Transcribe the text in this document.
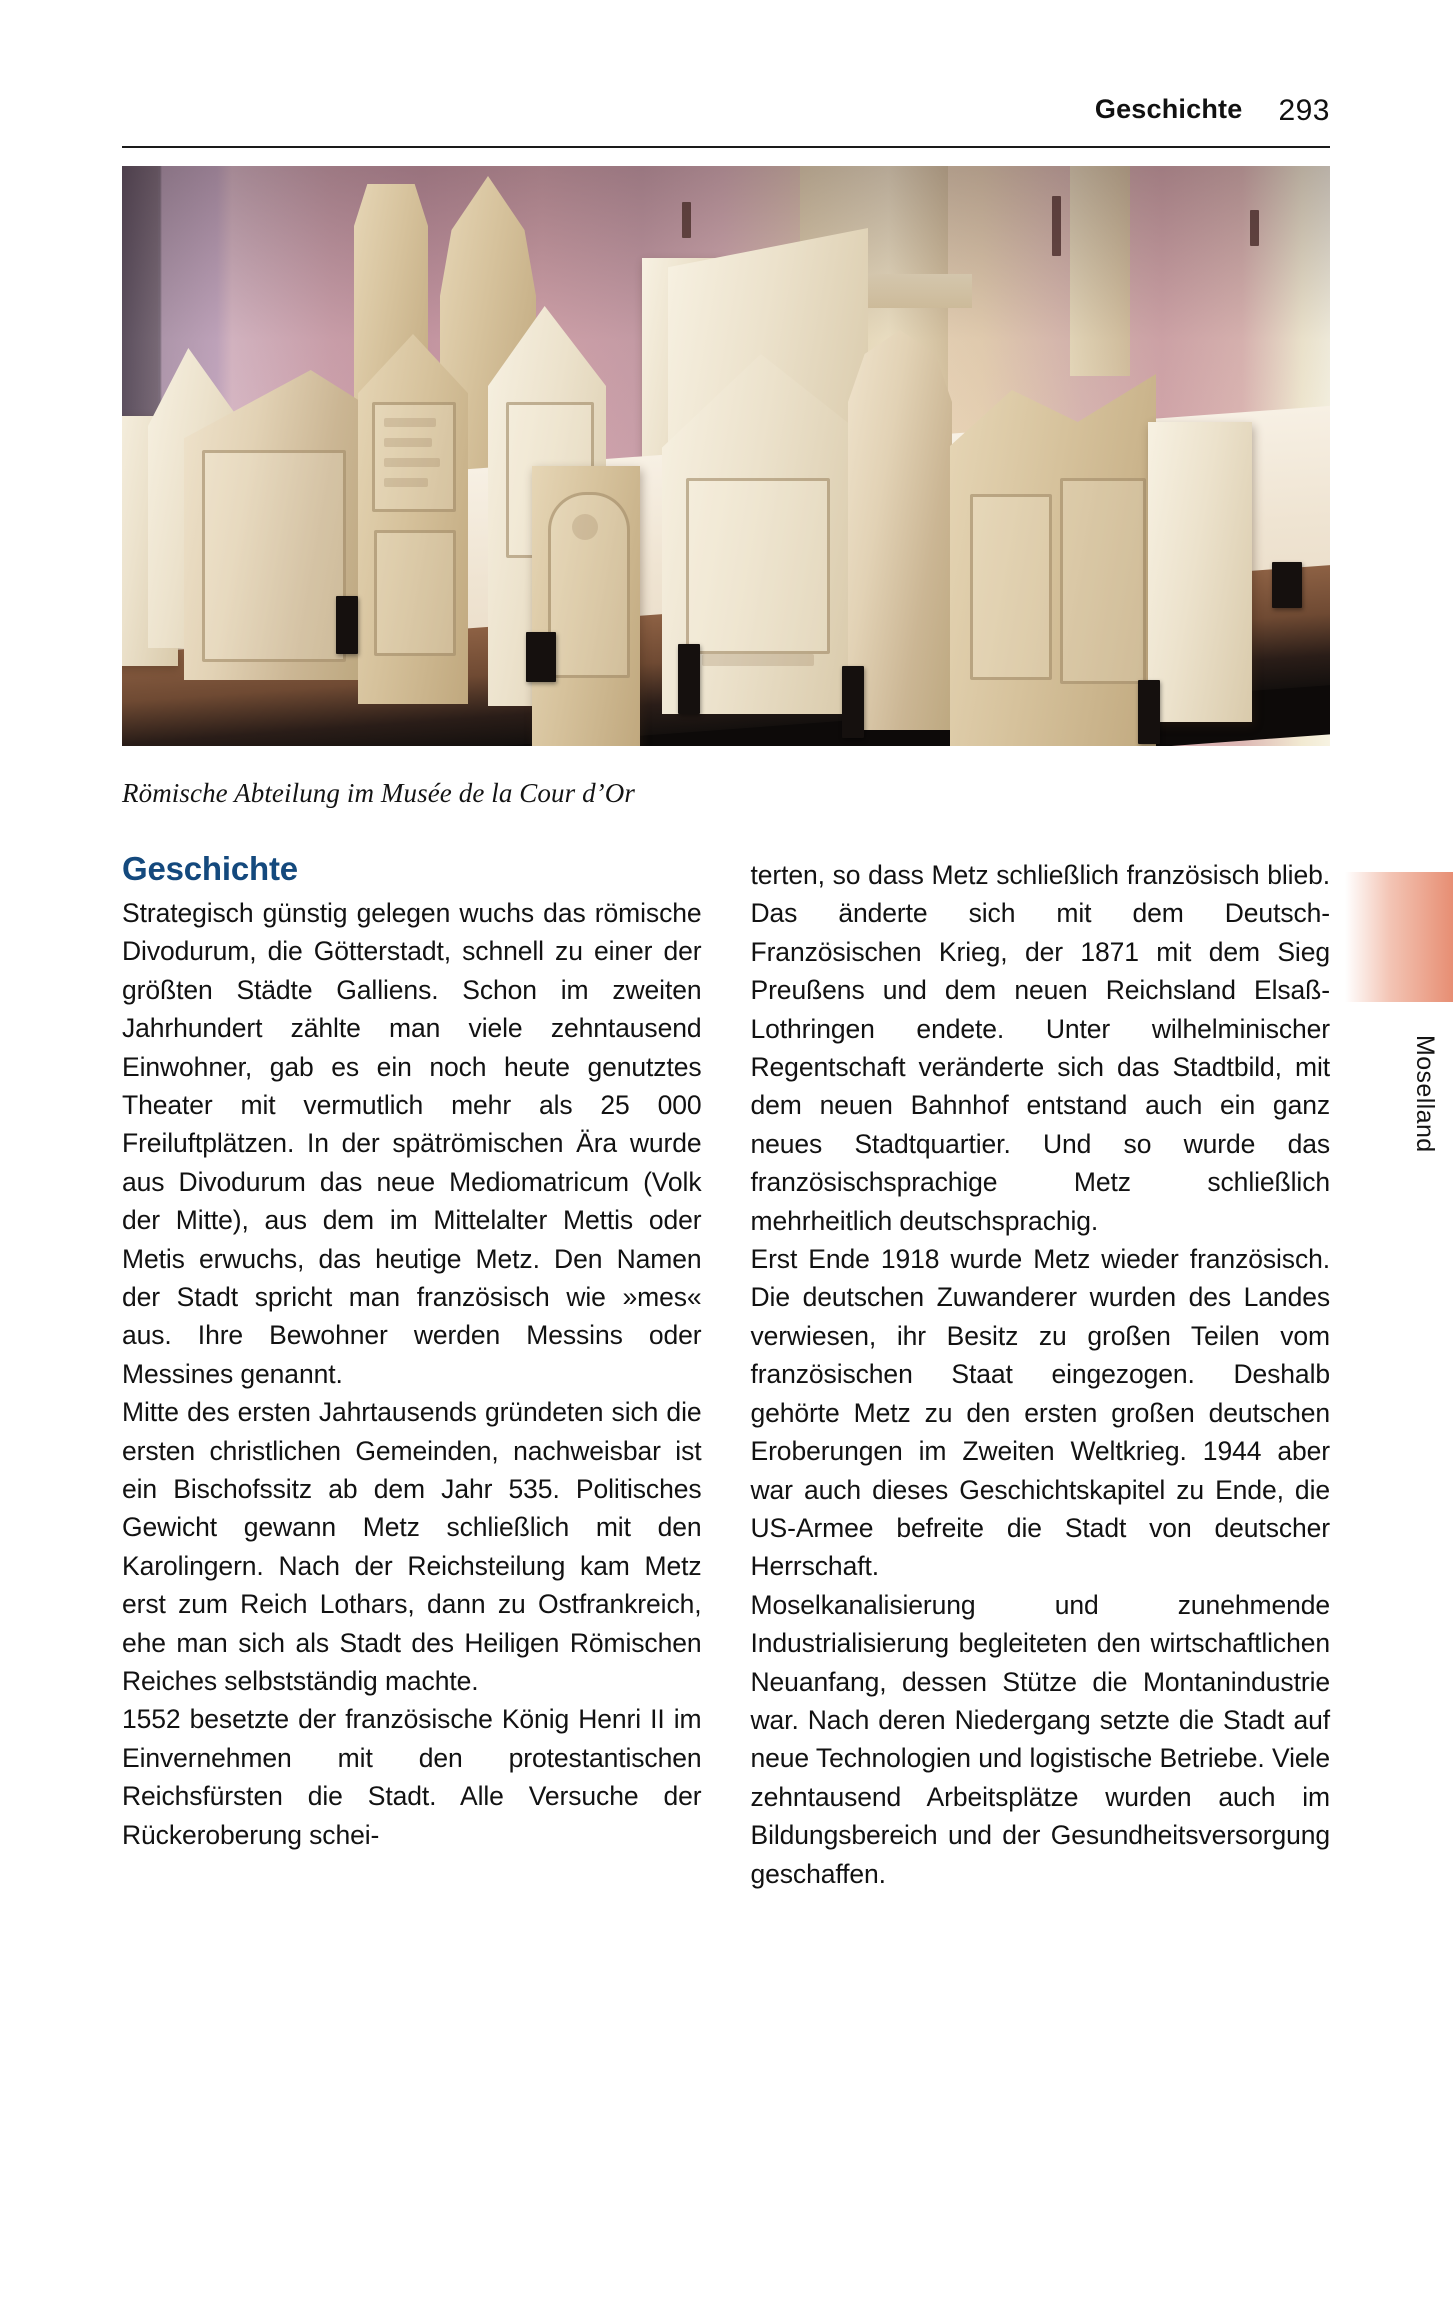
Geschichte 293
Römische Abteilung im Musée de la Cour d’Or
Geschichte

Strategisch günstig gelegen wuchs das römische Divodurum, die Götterstadt, schnell zu einer der größten Städte Galliens. Schon im zweiten Jahrhundert zählte man viele zehntausend Einwohner, gab es ein noch heute genutztes Theater mit vermutlich mehr als 25 000 Freiluftplätzen. In der spätrömischen Ära wurde aus Divodurum das neue Mediomatricum (Volk der Mitte), aus dem im Mittelalter Mettis oder Metis erwuchs, das heutige Metz. Den Namen der Stadt spricht man französisch wie »mes« aus. Ihre Bewohner werden Messins oder Messines genannt.

Mitte des ersten Jahrtausends gründeten sich die ersten christlichen Gemeinden, nachweisbar ist ein Bischofssitz ab dem Jahr 535. Politisches Gewicht gewann Metz schließlich mit den Karolingern. Nach der Reichsteilung kam Metz erst zum Reich Lothars, dann zu Ostfrankreich, ehe man sich als Stadt des Heiligen Römischen Reiches selbstständig machte.

1552 besetzte der französische König Henri II im Einvernehmen mit den protestantischen Reichsfürsten die Stadt. Alle Versuche der Rückeroberung schei-

terten, so dass Metz schließlich französisch blieb. Das änderte sich mit dem Deutsch-Französischen Krieg, der 1871 mit dem Sieg Preußens und dem neuen Reichsland Elsaß-Lothringen endete. Unter wilhelminischer Regentschaft veränderte sich das Stadtbild, mit dem neuen Bahnhof entstand auch ein ganz neues Stadtquartier. Und so wurde das französischsprachige Metz schließlich mehrheitlich deutschsprachig.

Erst Ende 1918 wurde Metz wieder französisch. Die deutschen Zuwanderer wurden des Landes verwiesen, ihr Besitz zu großen Teilen vom französischen Staat eingezogen. Deshalb gehörte Metz zu den ersten großen deutschen Eroberungen im Zweiten Weltkrieg. 1944 aber war auch dieses Geschichtskapitel zu Ende, die US-Armee befreite die Stadt von deutscher Herrschaft.

Moselkanalisierung und zunehmende Industrialisierung begleiteten den wirtschaftlichen Neuanfang, dessen Stütze die Montanindustrie war. Nach deren Niedergang setzte die Stadt auf neue Technologien und logistische Betriebe. Viele zehntausend Arbeitsplätze wurden auch im Bildungsbereich und der Gesundheitsversorgung geschaffen.

Moselland
